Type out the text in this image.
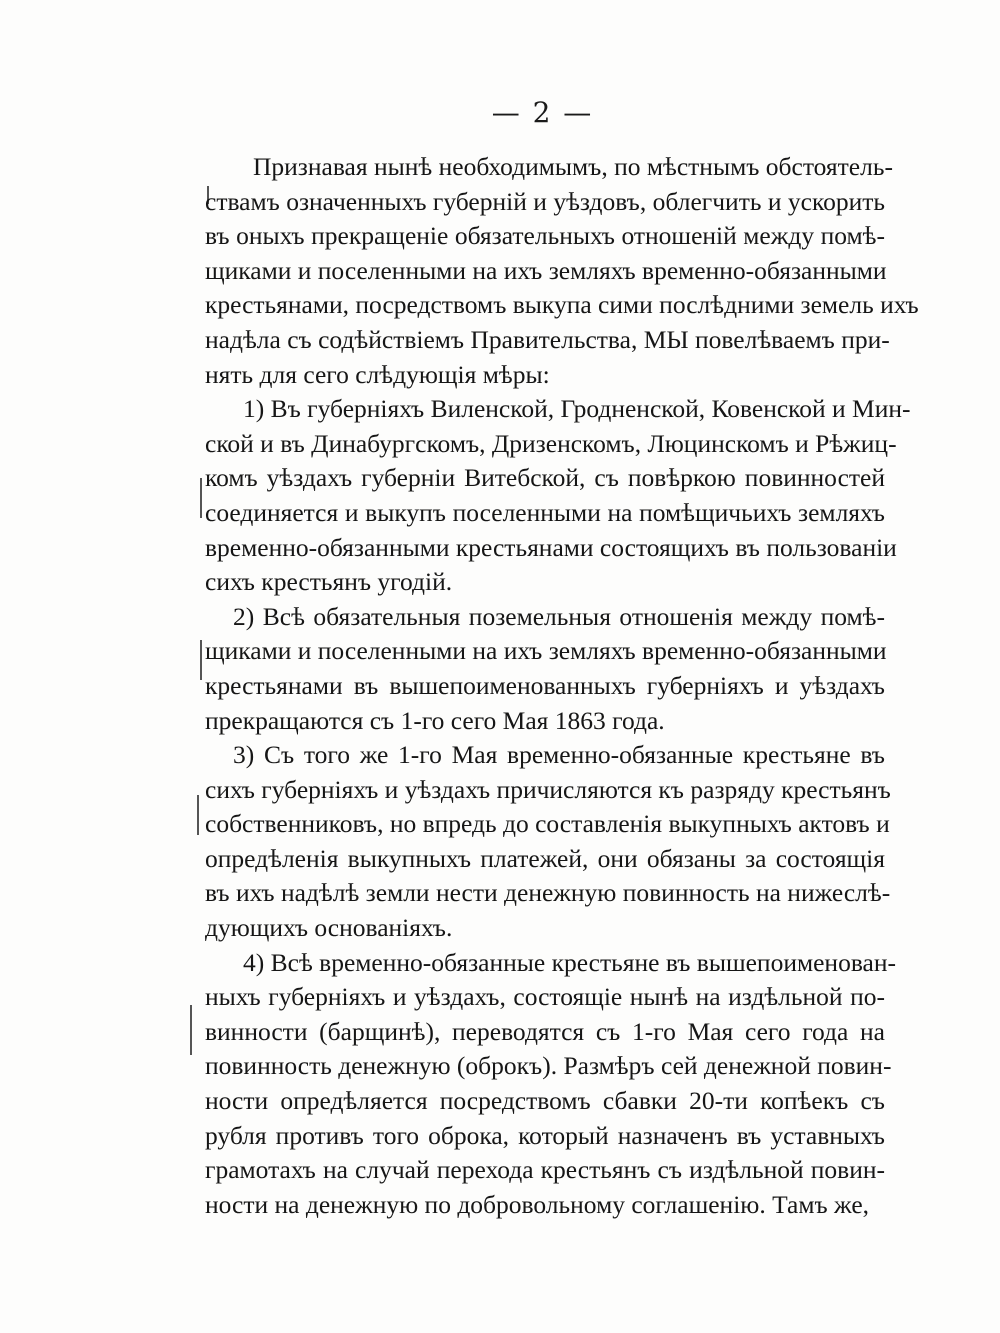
— 2 —
Признавая нынѣ необходимымъ, по мѣстнымъ обстоятель-
ствамъ означенныхъ губерній и уѣздовъ, облегчить и ускорить
въ оныхъ прекращеніе обязательныхъ отношеній между помѣ-
щиками и поселенными на ихъ земляхъ временно-обязанными
крестьянами, посредствомъ выкупа сими послѣдними земель ихъ
надѣла съ содѣйствіемъ Правительства, МЫ повелѣваемъ при-
нять для сего слѣдующія мѣры:
1) Въ губерніяхъ Виленской, Гродненской, Ковенской и Мин-
ской и въ Динабургскомъ, Дризенскомъ, Люцинскомъ и Рѣжиц-
комъ уѣздахъ губерніи Витебской, съ повѣркою повинностей
соединяется и выкупъ поселенными на помѣщичьихъ земляхъ
временно-обязанными крестьянами состоящихъ въ пользованіи
сихъ крестьянъ угодій.
2) Всѣ обязательныя поземельныя отношенія между помѣ-
щиками и поселенными на ихъ земляхъ временно-обязанными
крестьянами въ вышепоименованныхъ губерніяхъ и уѣздахъ
прекращаются съ 1-го сего Мая 1863 года.
3) Съ того же 1-го Мая временно-обязанные крестьяне въ
сихъ губерніяхъ и уѣздахъ причисляются къ разряду крестьянъ
собственниковъ, но впредь до составленія выкупныхъ актовъ и
опредѣленія выкупныхъ платежей, они обязаны за состоящія
въ ихъ надѣлѣ земли нести денежную повинность на нижеслѣ-
дующихъ основаніяхъ.
4) Всѣ временно-обязанные крестьяне въ вышепоименован-
ныхъ губерніяхъ и уѣздахъ, состоящіе нынѣ на издѣльной по-
винности (барщинѣ), переводятся съ 1-го Мая сего года на
повинность денежную (оброкъ). Размѣръ сей денежной повин-
ности опредѣляется посредствомъ сбавки 20-ти копѣекъ съ
рубля противъ того оброка, который назначенъ въ уставныхъ
грамотахъ на случай перехода крестьянъ съ издѣльной повин-
ности на денежную по добровольному соглашенію. Тамъ же,
